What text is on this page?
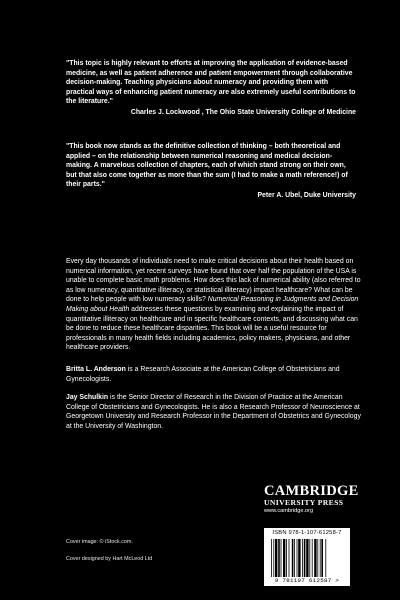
"This topic is highly relevant to efforts at improving the application of evidence-based medicine, as well as patient adherence and patient empowerment through collaborative decision-making. Teaching physicians about numeracy and providing them with practical ways of enhancing patient numeracy are also extremely useful contributions to the literature."
Charles J. Lockwood , The Ohio State University College of Medicine
"This book now stands as the definitive collection of thinking – both theoretical and applied – on the relationship between numerical reasoning and medical decision-making. A marvelous collection of chapters, each of which stand strong on their own, but that also come together as more than the sum (I had to make a math reference!) of their parts."
Peter A. Ubel, Duke University
Every day thousands of individuals need to make critical decisions about their health based on numerical information, yet recent surveys have found that over half the population of the USA is unable to complete basic math problems. How does this lack of numerical ability (also referred to as low numeracy, quantitative illiteracy, or statistical illiteracy) impact healthcare? What can be done to help people with low numeracy skills? Numerical Reasoning in Judgments and Decision Making about Health addresses these questions by examining and explaining the impact of quantitative illiteracy on healthcare and in specific healthcare contexts, and discussing what can be done to reduce these healthcare disparities. This book will be a useful resource for professionals in many health fields including academics, policy makers, physicians, and other healthcare providers.
Britta L. Anderson is a Research Associate at the American College of Obstetricians and Gynecologists.
Jay Schulkin is the Senior Director of Research in the Division of Practice at the American College of Obstetricians and Gynecologists. He is also a Research Professor of Neuroscience at Georgetown University and Research Professor in the Department of Obstetrics and Gynecology at the University of Washington.
Cover image: © iStock.com.
Cover designed by Hart McLeod Ltd
CAMBRIDGE
UNIVERSITY PRESS
www.cambridge.org
ISBN 978-1-107-61258-7
9 781107 612587 >
